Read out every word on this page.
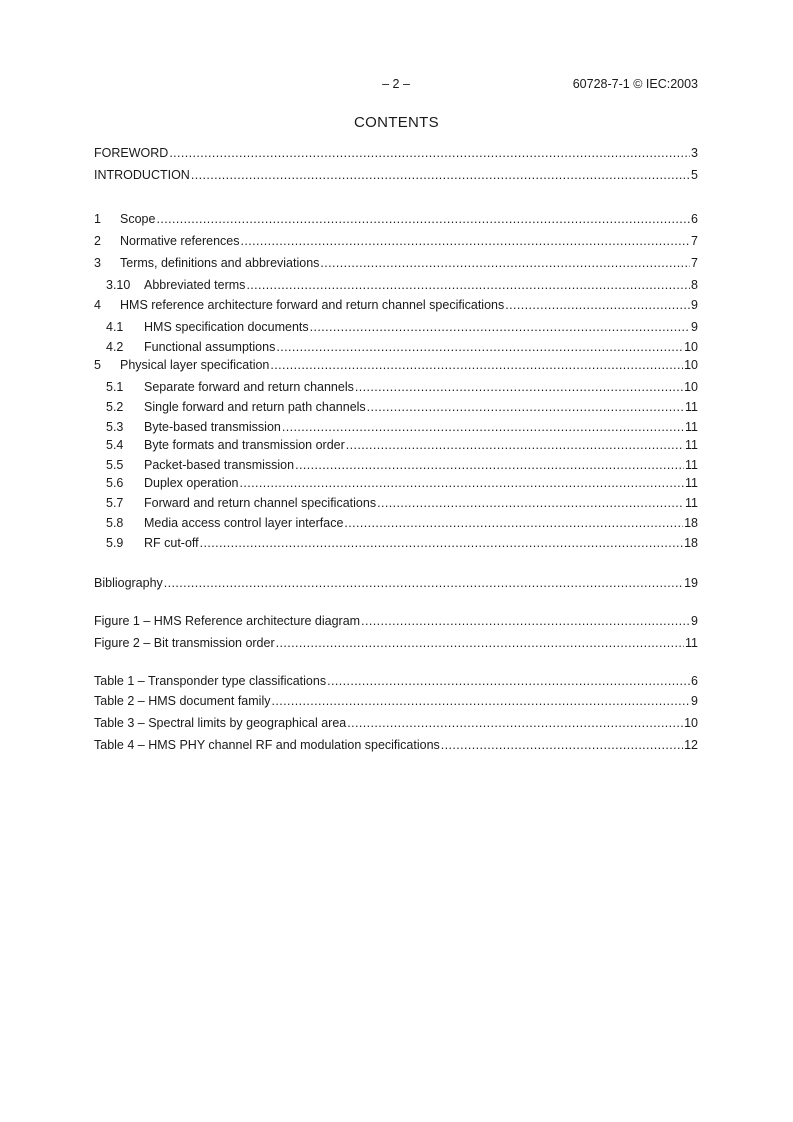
– 2 –	60728-7-1 © IEC:2003
CONTENTS
FOREWORD .....	3
INTRODUCTION .....	5
1	Scope .....	6
2	Normative references .....	7
3	Terms, definitions and abbreviations .....	7
3.10	Abbreviated terms .....	8
4	HMS reference architecture forward and return channel specifications .....	9
4.1	HMS specification documents .....	9
4.2	Functional assumptions .....	10
5	Physical layer specification .....	10
5.1	Separate forward and return channels .....	10
5.2	Single forward and return path channels .....	11
5.3	Byte-based transmission .....	11
5.4	Byte formats and transmission order .....	11
5.5	Packet-based transmission .....	11
5.6	Duplex operation .....	11
5.7	Forward and return channel specifications .....	11
5.8	Media access control layer interface .....	18
5.9	RF cut-off .....	18
Bibliography .....	19
Figure 1 – HMS Reference architecture diagram .....	9
Figure 2 – Bit transmission order .....	11
Table 1 – Transponder type classifications .....	6
Table 2 – HMS document family .....	9
Table 3 – Spectral limits by geographical area .....	10
Table 4 – HMS PHY channel RF and modulation specifications .....	12
